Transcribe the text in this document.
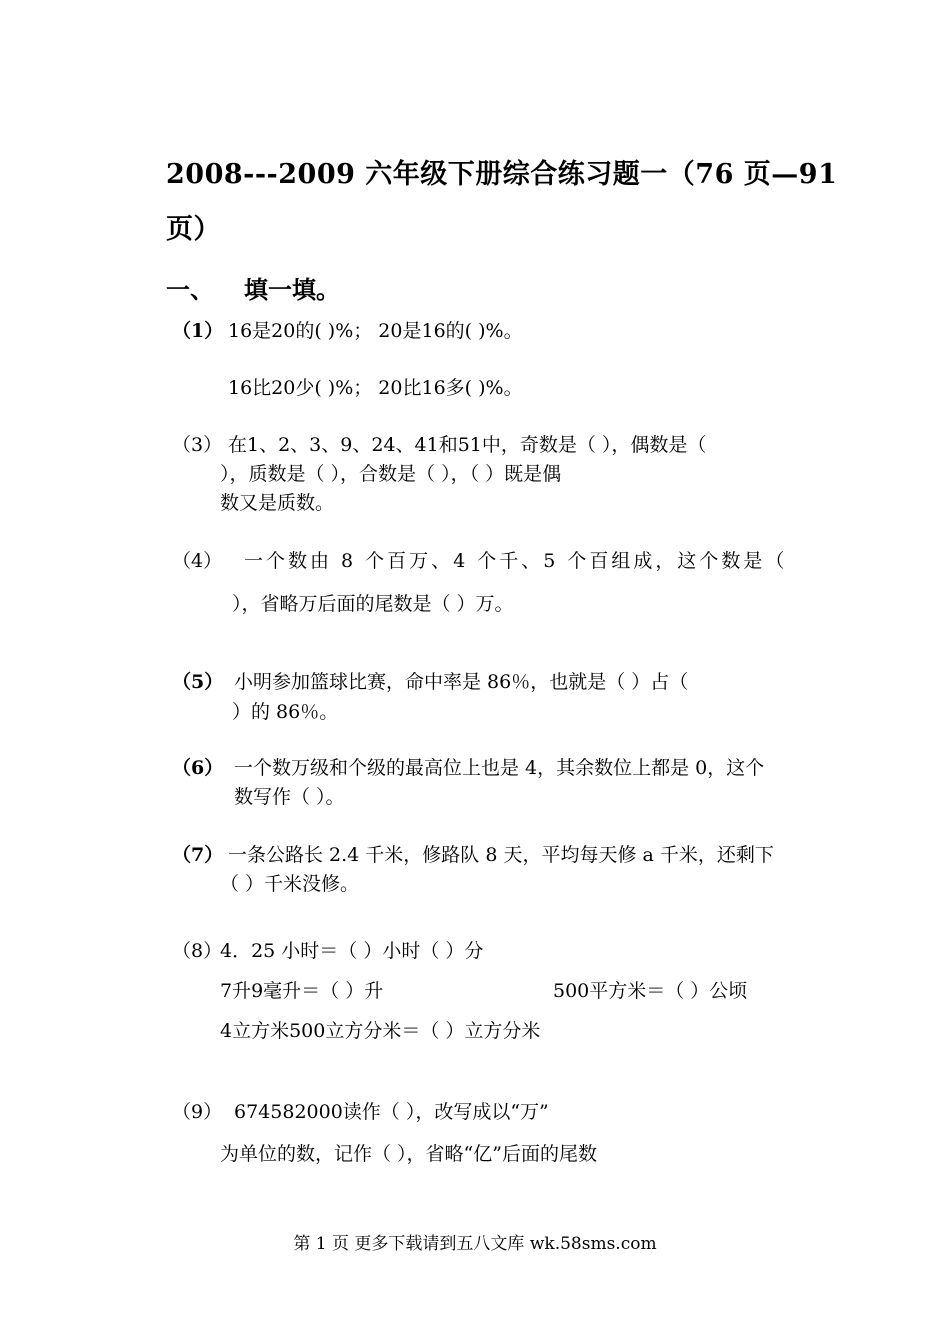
2008---2009 六年级下册综合练习题一（76 页—91
页）
一、 填一填。
（1） 16是20的( )%； 20是16的( )%。
16比20少( )%； 20比16多( )%。
（3） 在1、2、3、9、24、41和51中，奇数是（ ），偶数是（
），质数是（ ），合数是（ ），（ ）既是偶
数又是质数。
（4） 一个数由 8 个百万、4 个千、5 个百组成，这个数是（
），省略万后面的尾数是（ ）万。
（5） 小明参加篮球比赛，命中率是 86％，也就是（ ）占（
）的 86％。
（6） 一个数万级和个级的最高位上也是 4，其余数位上都是 0，这个
数写作（ ）。
（7） 一条公路长 2.4 千米，修路队 8 天，平均每天修 a 千米，还剩下
（ ）千米没修。
（8）
4．25 小时＝（ ）小时（ ）分
7升9毫升＝（ ）升	500平方米＝（ ）公顷
4立方米500立方分米＝（ ）立方分米
（9） 674582000读作（ ），改写成以“万”
为单位的数，记作（ ），省略“亿”后面的尾数
第 1 页 更多下载请到五八文库 wk.58sms.com
